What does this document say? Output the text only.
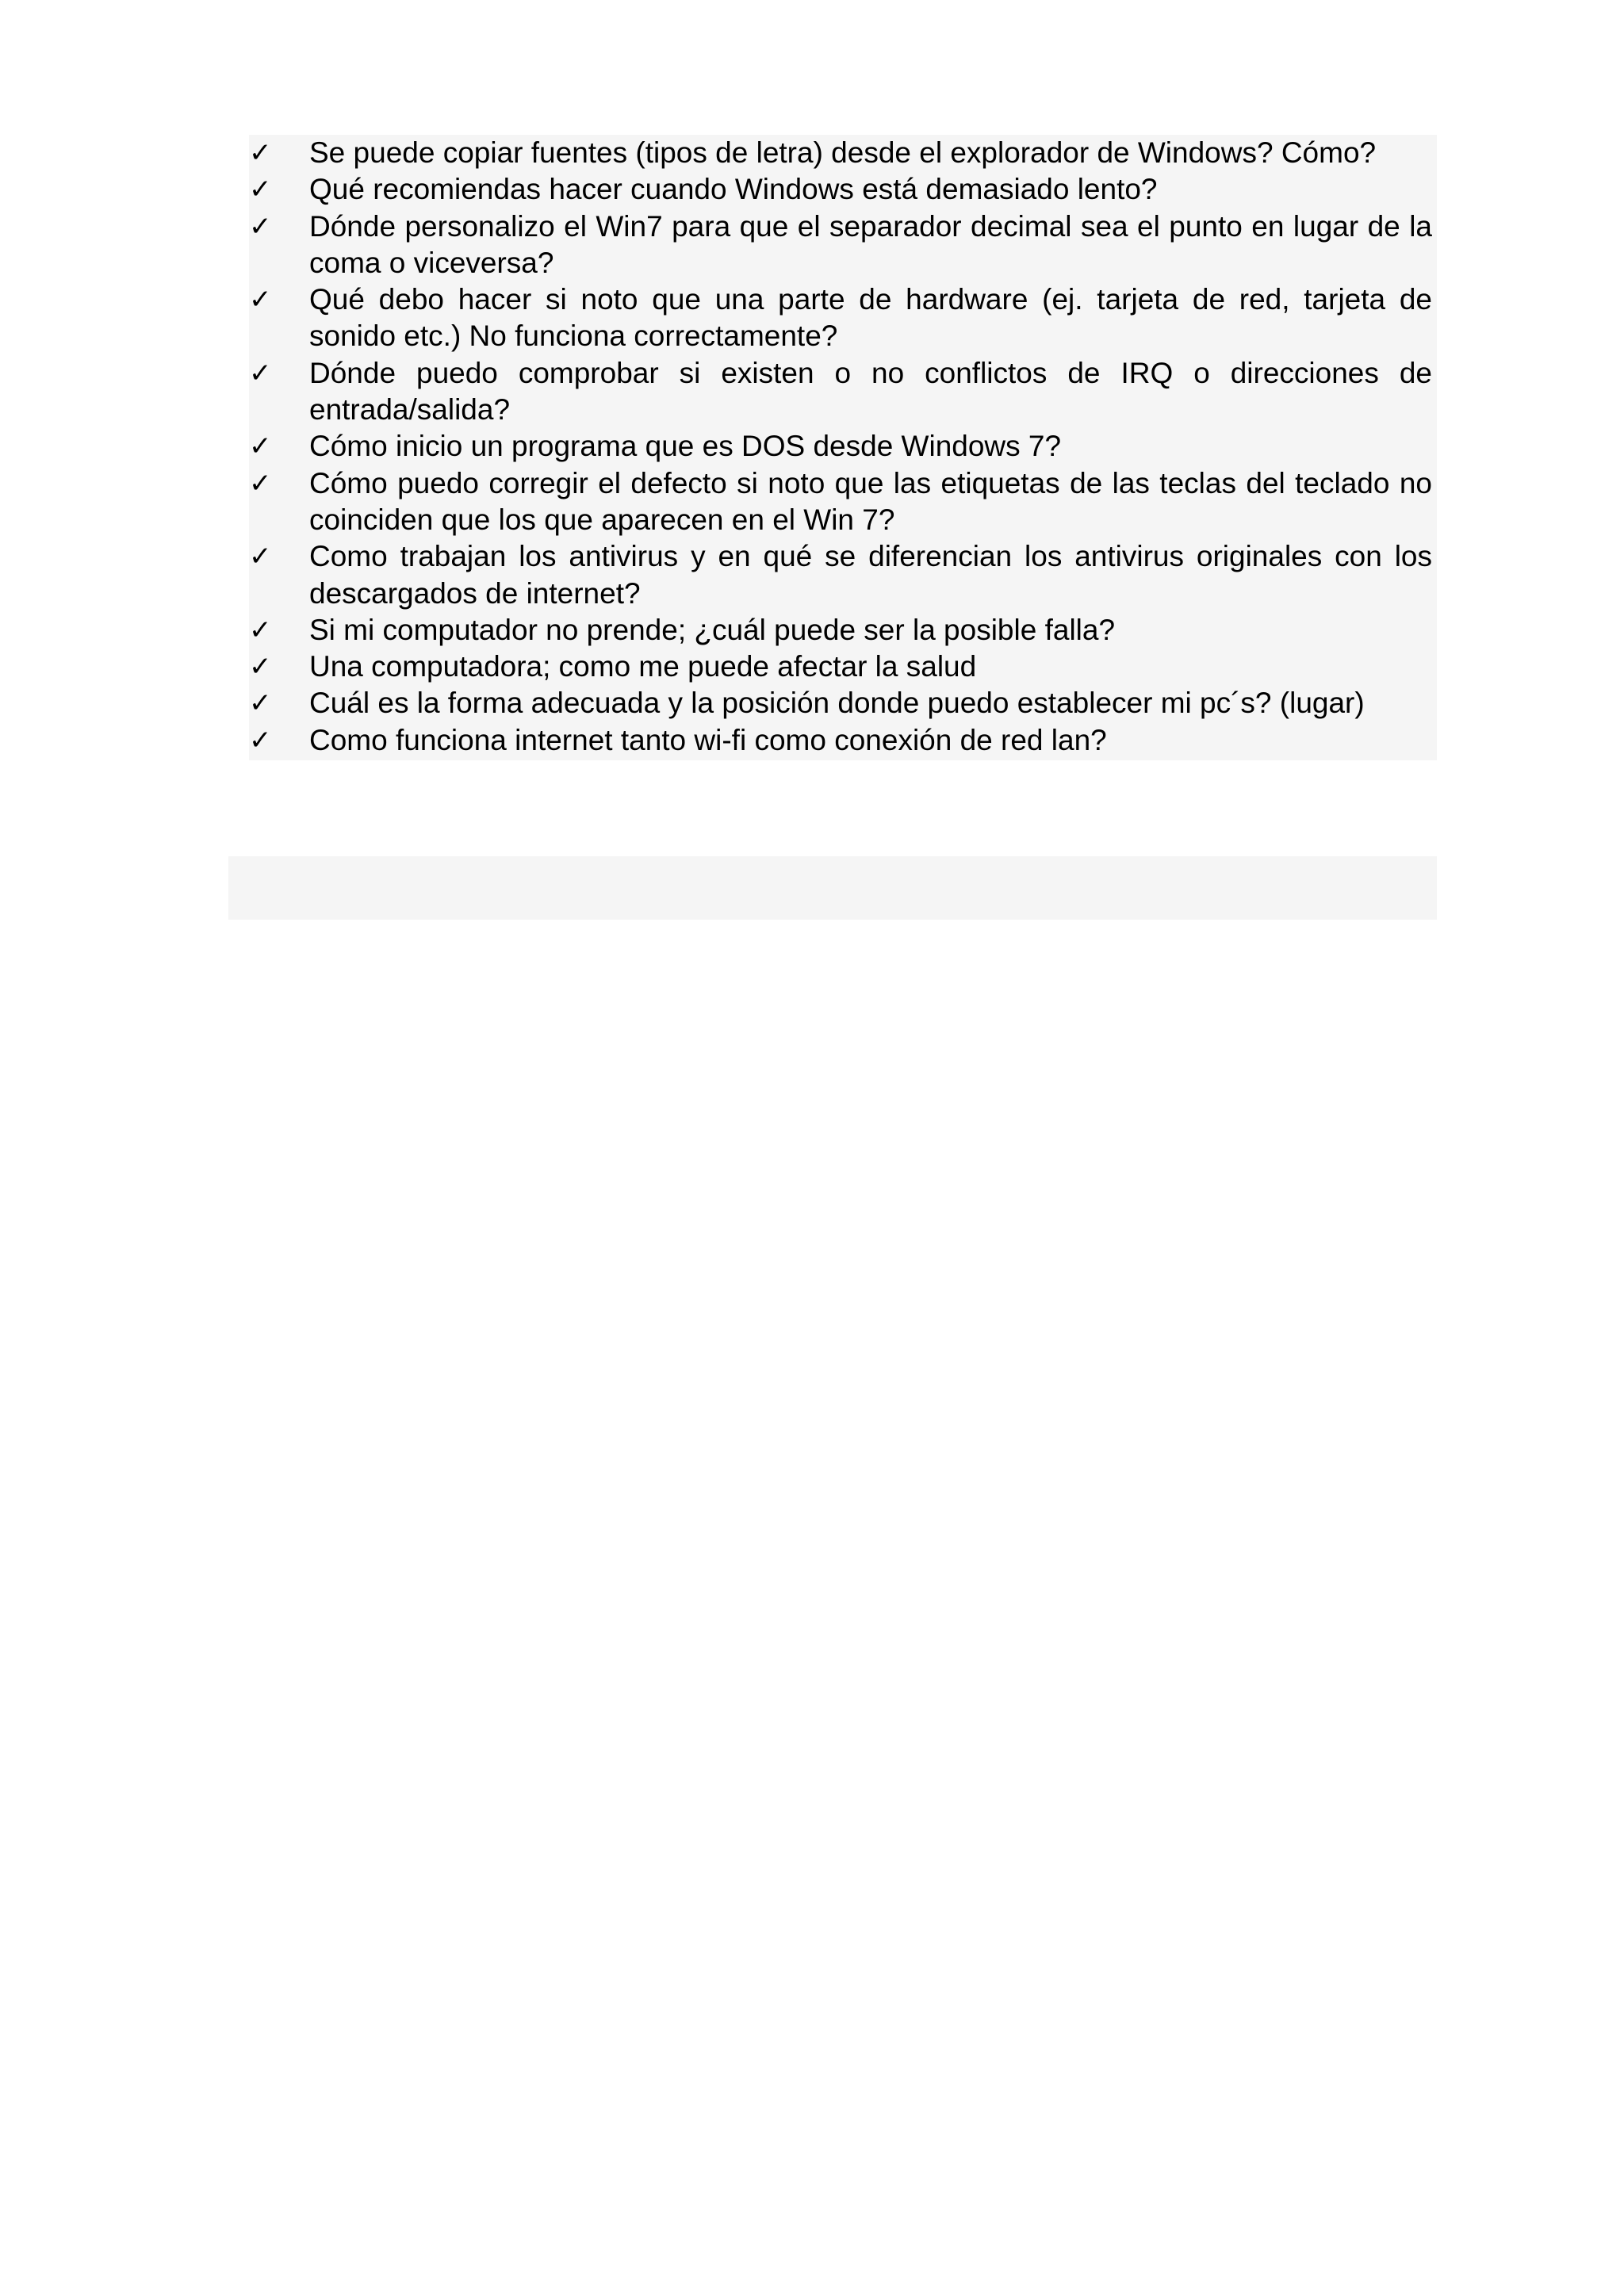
✓	Se puede copiar fuentes (tipos de letra) desde el explorador de Windows? Cómo?
✓	Qué recomiendas hacer cuando Windows está demasiado lento?
✓	Dónde personalizo el Win7 para que el separador decimal sea el punto en lugar de la coma o viceversa?
✓	Qué debo hacer si noto que una parte de hardware (ej. tarjeta de red, tarjeta de sonido etc.) No funciona correctamente?
✓	Dónde puedo comprobar si existen o no conflictos de IRQ o direcciones de entrada/salida?
✓	Cómo inicio un programa que es DOS desde Windows 7?
✓	Cómo puedo corregir el defecto si noto que las etiquetas de las teclas del teclado no coinciden que los que aparecen en el Win 7?
✓	Como trabajan los antivirus y en qué se diferencian los antivirus originales con los descargados de internet?
✓	Si mi computador no prende; ¿cuál puede ser la posible falla?
✓	Una computadora; como me puede afectar la salud
✓	Cuál es la forma adecuada y la posición donde puedo establecer mi pc´s? (lugar)
✓	Como funciona internet tanto wi-fi como conexión de red lan?
